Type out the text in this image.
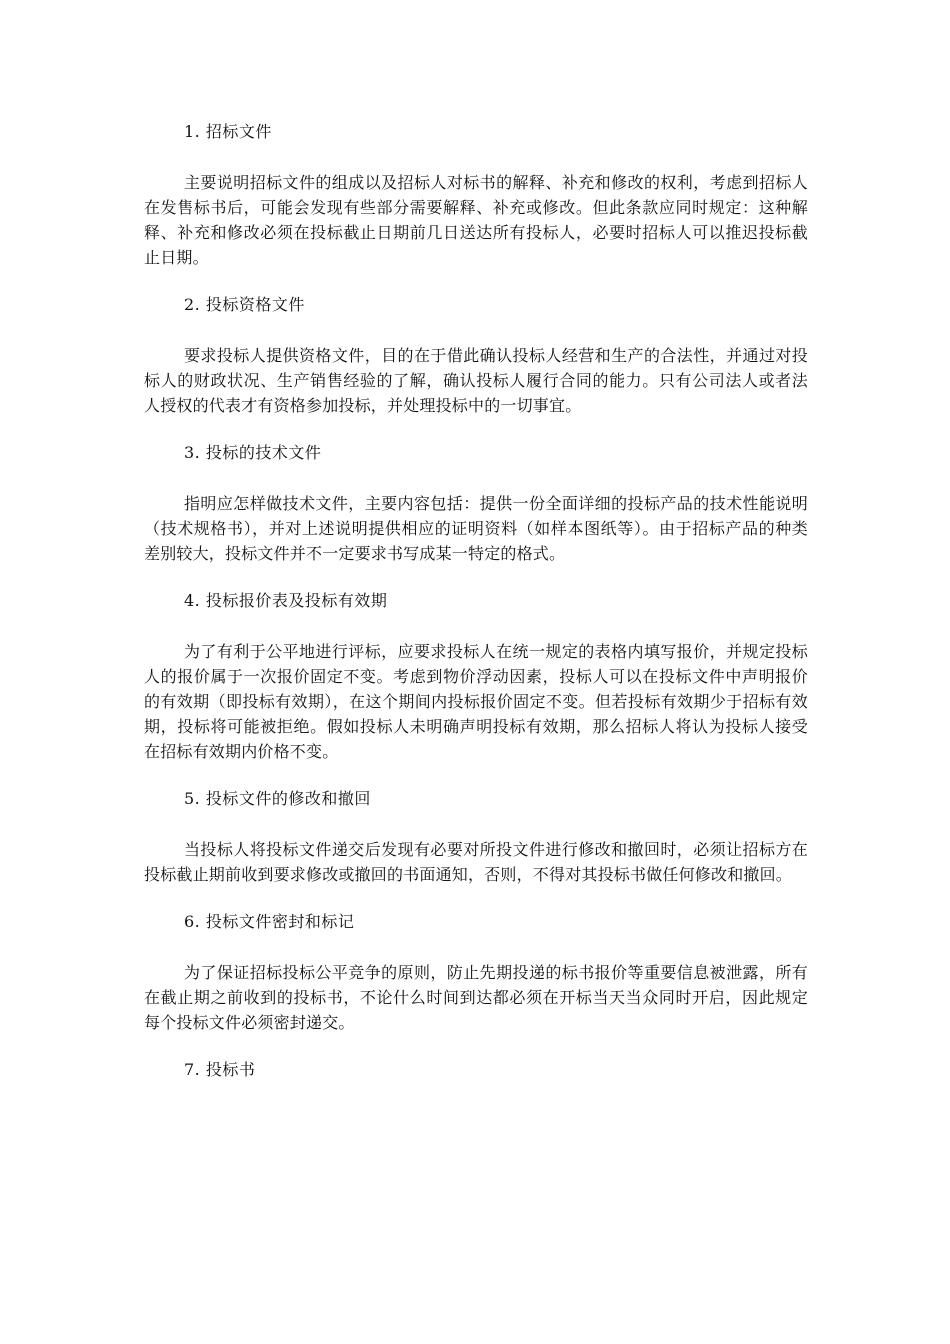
1. 招标文件
主要说明招标文件的组成以及招标人对标书的解释、补充和修改的权利，考虑到招标人在发售标书后，可能会发现有些部分需要解释、补充或修改。但此条款应同时规定：这种解释、补充和修改必须在投标截止日期前几日送达所有投标人，必要时招标人可以推迟投标截止日期。
2. 投标资格文件
要求投标人提供资格文件，目的在于借此确认投标人经营和生产的合法性，并通过对投标人的财政状况、生产销售经验的了解，确认投标人履行合同的能力。只有公司法人或者法人授权的代表才有资格参加投标，并处理投标中的一切事宜。
3. 投标的技术文件
指明应怎样做技术文件，主要内容包括：提供一份全面详细的投标产品的技术性能说明（技术规格书），并对上述说明提供相应的证明资料（如样本图纸等）。由于招标产品的种类差别较大，投标文件并不一定要求书写成某一特定的格式。
4. 投标报价表及投标有效期
为了有利于公平地进行评标，应要求投标人在统一规定的表格内填写报价，并规定投标人的报价属于一次报价固定不变。考虑到物价浮动因素，投标人可以在投标文件中声明报价的有效期（即投标有效期），在这个期间内投标报价固定不变。但若投标有效期少于招标有效期，投标将可能被拒绝。假如投标人未明确声明投标有效期，那么招标人将认为投标人接受在招标有效期内价格不变。
5. 投标文件的修改和撤回
当投标人将投标文件递交后发现有必要对所投文件进行修改和撤回时，必须让招标方在投标截止期前收到要求修改或撤回的书面通知，否则，不得对其投标书做任何修改和撤回。
6. 投标文件密封和标记
为了保证招标投标公平竞争的原则，防止先期投递的标书报价等重要信息被泄露，所有在截止期之前收到的投标书，不论什么时间到达都必须在开标当天当众同时开启，因此规定每个投标文件必须密封递交。
7. 投标书
